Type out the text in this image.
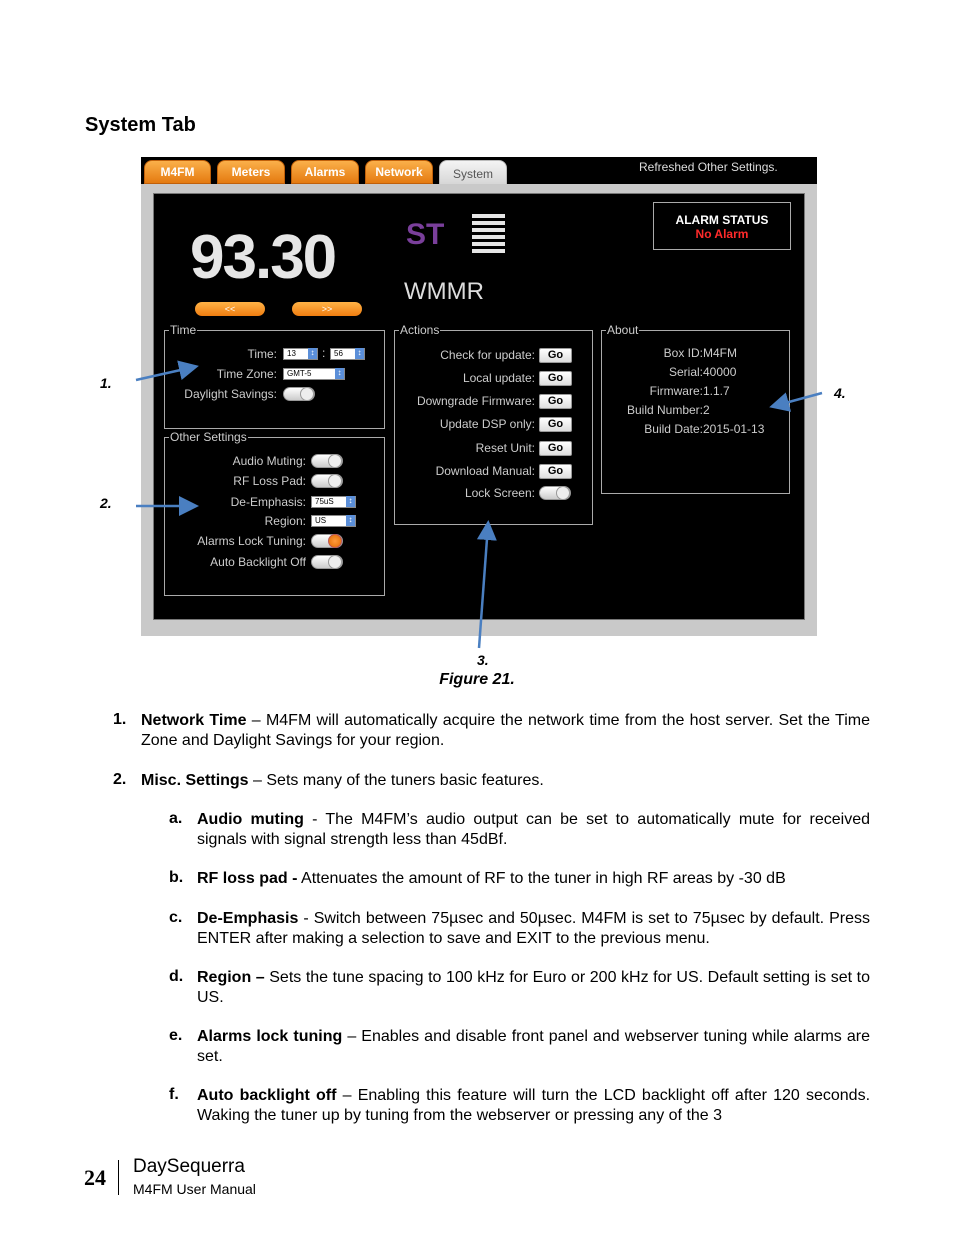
System Tab
M4FM	Meters	Alarms	Network	System	Refreshed Other Settings.
93.30
<<	>>
ST
WMMR
ALARM STATUS
No Alarm
Time
Time:	13 ↕	:	56 ↕
Time Zone:	GMT-5 ↕
Daylight Savings:
Other Settings
Audio Muting:
RF Loss Pad:
De-Emphasis:	75uS ↕
Region:	US ↕
Alarms Lock Tuning:
Auto Backlight Off
Actions
Check for update:	Go
Local update:	Go
Downgrade Firmware:	Go
Update DSP only:	Go
Reset Unit:	Go
Download Manual:	Go
Lock Screen:
About
Box ID: M4FM
Serial: 40000
Firmware: 1.1.7
Build Number: 2
Build Date: 2015-01-13
1.
2.
3.
4.
Figure 21.
1. Network Time – M4FM will automatically acquire the network time from the host server. Set the Time Zone and Daylight Savings for your region.
2. Misc. Settings – Sets many of the tuners basic features.
a. Audio muting - The M4FM’s audio output can be set to automatically mute for received signals with signal strength less than 45dBf.
b. RF loss pad - Attenuates the amount of RF to the tuner in high RF areas by -30 dB
c. De-Emphasis - Switch between 75µsec and 50µsec. M4FM is set to 75µsec by default. Press ENTER after making a selection to save and EXIT to the previous menu.
d. Region – Sets the tune spacing to 100 kHz for Euro or 200 kHz for US. Default setting is set to US.
e. Alarms lock tuning – Enables and disable front panel and webserver tuning while alarms are set.
f. Auto backlight off – Enabling this feature will turn the LCD backlight off after 120 seconds. Waking the tuner up by tuning from the webserver or pressing any of the 3
24 DaySequerra
M4FM User Manual
